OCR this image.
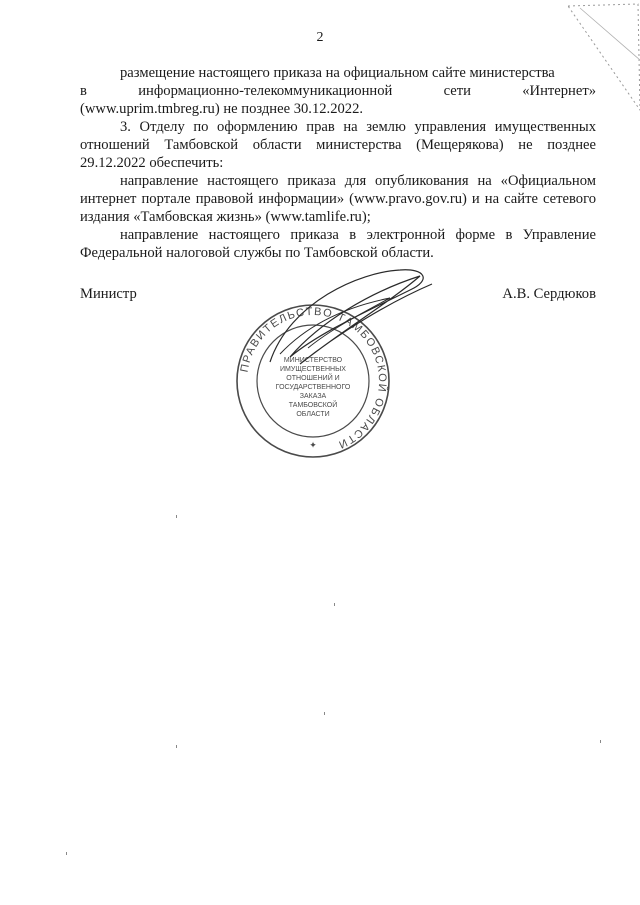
2

размещение настоящего приказа на официальном сайте министерства

в информационно-телекоммуникационной сети «Интернет»

(www.uprim.tmbreg.ru) не позднее 30.12.2022.

3. Отделу по оформлению прав на землю управления имущественных отношений Тамбовской области министерства (Мещерякова) не позднее 29.12.2022 обеспечить:

направление настоящего приказа для опубликования на «Официальном интернет портале правовой информации» (www.pravo.gov.ru) и на сайте сетевого издания «Тамбовская жизнь» (www.tamlife.ru);

направление настоящего приказа в электронной форме в Управление Федеральной налоговой службы по Тамбовской области.

Министр	А.В. Сердюков
ПРАВИТЕЛЬСТВО ТАМБОВСКОЙ ОБЛАСТИ
МИНИСТЕРСТВО
ИМУЩЕСТВЕННЫХ
ОТНОШЕНИЙ И
ГОСУДАРСТВЕННОГО
ЗАКАЗА
ТАМБОВСКОЙ
ОБЛАСТИ
✦
